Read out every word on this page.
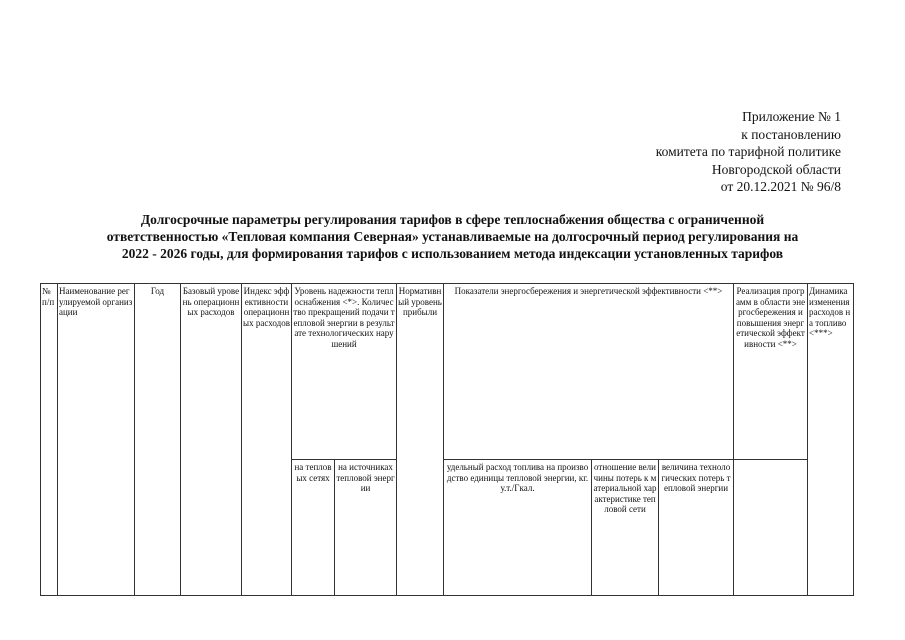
Приложение № 1
к постановлению
комитета по тарифной политике
Новгородской области
от 20.12.2021 № 96/8
Долгосрочные параметры регулирования тарифов в сфере теплоснабжения общества с ограниченной
ответственностью «Тепловая компания Северная» устанавливаемые на долгосрочный период регулирования на
2022 - 2026 годы, для формирования тарифов с использованием метода индексации установленных тарифов
№ п/п	Наименование регулируемой организации	Год	Базовый уровень операционных расходов	Индекс эффективности операционных расходов	Уровень надежности теплоснабжения <*>. Количество прекращений подачи тепловой энергии в результате технологических нарушений		Нормативный уровень прибыли	Показатели энергосбережения и энергетической эффективности <**>			Реализация программ в области энергосбережения и повышения энергетической эффективности <**>	Динамика изменения расходов на топливо <***>
					на тепловых сетях	на источниках тепловой энергии		удельный расход топлива на производство единицы тепловой энергии, кг.у.т./Гкал.	отношение величины потерь к материальной характеристике тепловой сети	величина технологических потерь тепловой энергии		
